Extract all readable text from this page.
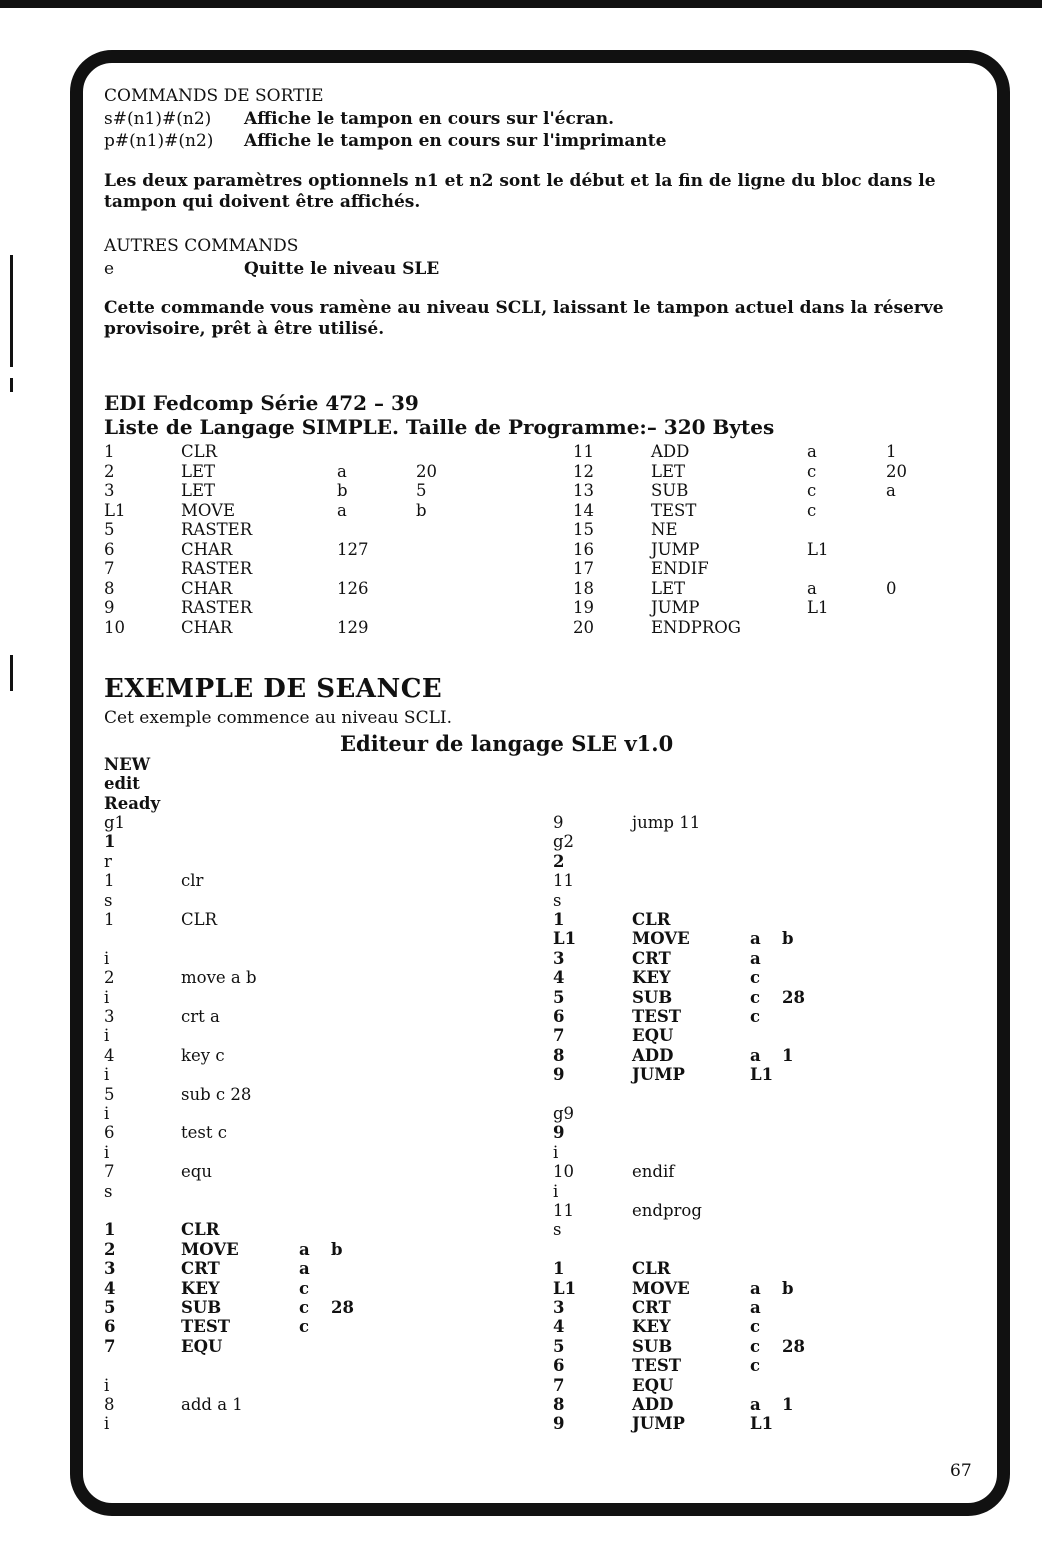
COMMANDS DE SORTIE
s#(n1)#(n2) Affiche le tampon en cours sur l'écran.
p#(n1)#(n2) Affiche le tampon en cours sur l'imprimante
Les deux paramètres optionnels n1 et n2 sont le début et la fin de ligne du bloc dans le tampon qui doivent être affichés.
AUTRES COMMANDS
e	Quitte le niveau SLE
Cette commande vous ramène au niveau SCLI, laissant le tampon actuel dans la réserve provisoire, prêt à être utilisé.
EDI Fedcomp Série 472 – 39
Liste de Langage SIMPLE. Taille de Programme:– 320 Bytes
1	CLR
2	LET	a	20
3	LET	b	5
L1	MOVE	a	b
5	RASTER
6	CHAR	127
7	RASTER
8	CHAR	126
9	RASTER
10	CHAR	129
11	ADD	a	1
12	LET	c	20
13	SUB	c	a
14	TEST	c
15	NE
16	JUMP	L1
17	ENDIF
18	LET	a	0
19	JUMP	L1
20	ENDPROG
EXEMPLE DE SEANCE
Cet exemple commence au niveau SCLI.
Editeur de langage SLE v1.0
NEW
edit
Ready
g1
1
r
1	clr
s
1	CLR
i
2	move a b
i
3	crt a
i
4	key c
i
5	sub c 28
i
6	test c
i
7	equ
s
1	CLR
2	MOVE	a b
3	CRT	a
4	KEY	c
5	SUB	c 28
6	TEST	c
7	EQU
i
8	add a 1
i
9	jump 11
g2
2
11
s
1	CLR
L1	MOVE	a b
3	CRT	a
4	KEY	c
5	SUB	c 28
6	TEST	c
7	EQU
8	ADD	a 1
9	JUMP	L1
g9
9
i
10	endif
i
11	endprog
s
1	CLR
L1	MOVE	a b
3	CRT	a
4	KEY	c
5	SUB	c 28
6	TEST	c
7	EQU
8	ADD	a 1
9	JUMP	L1
67
